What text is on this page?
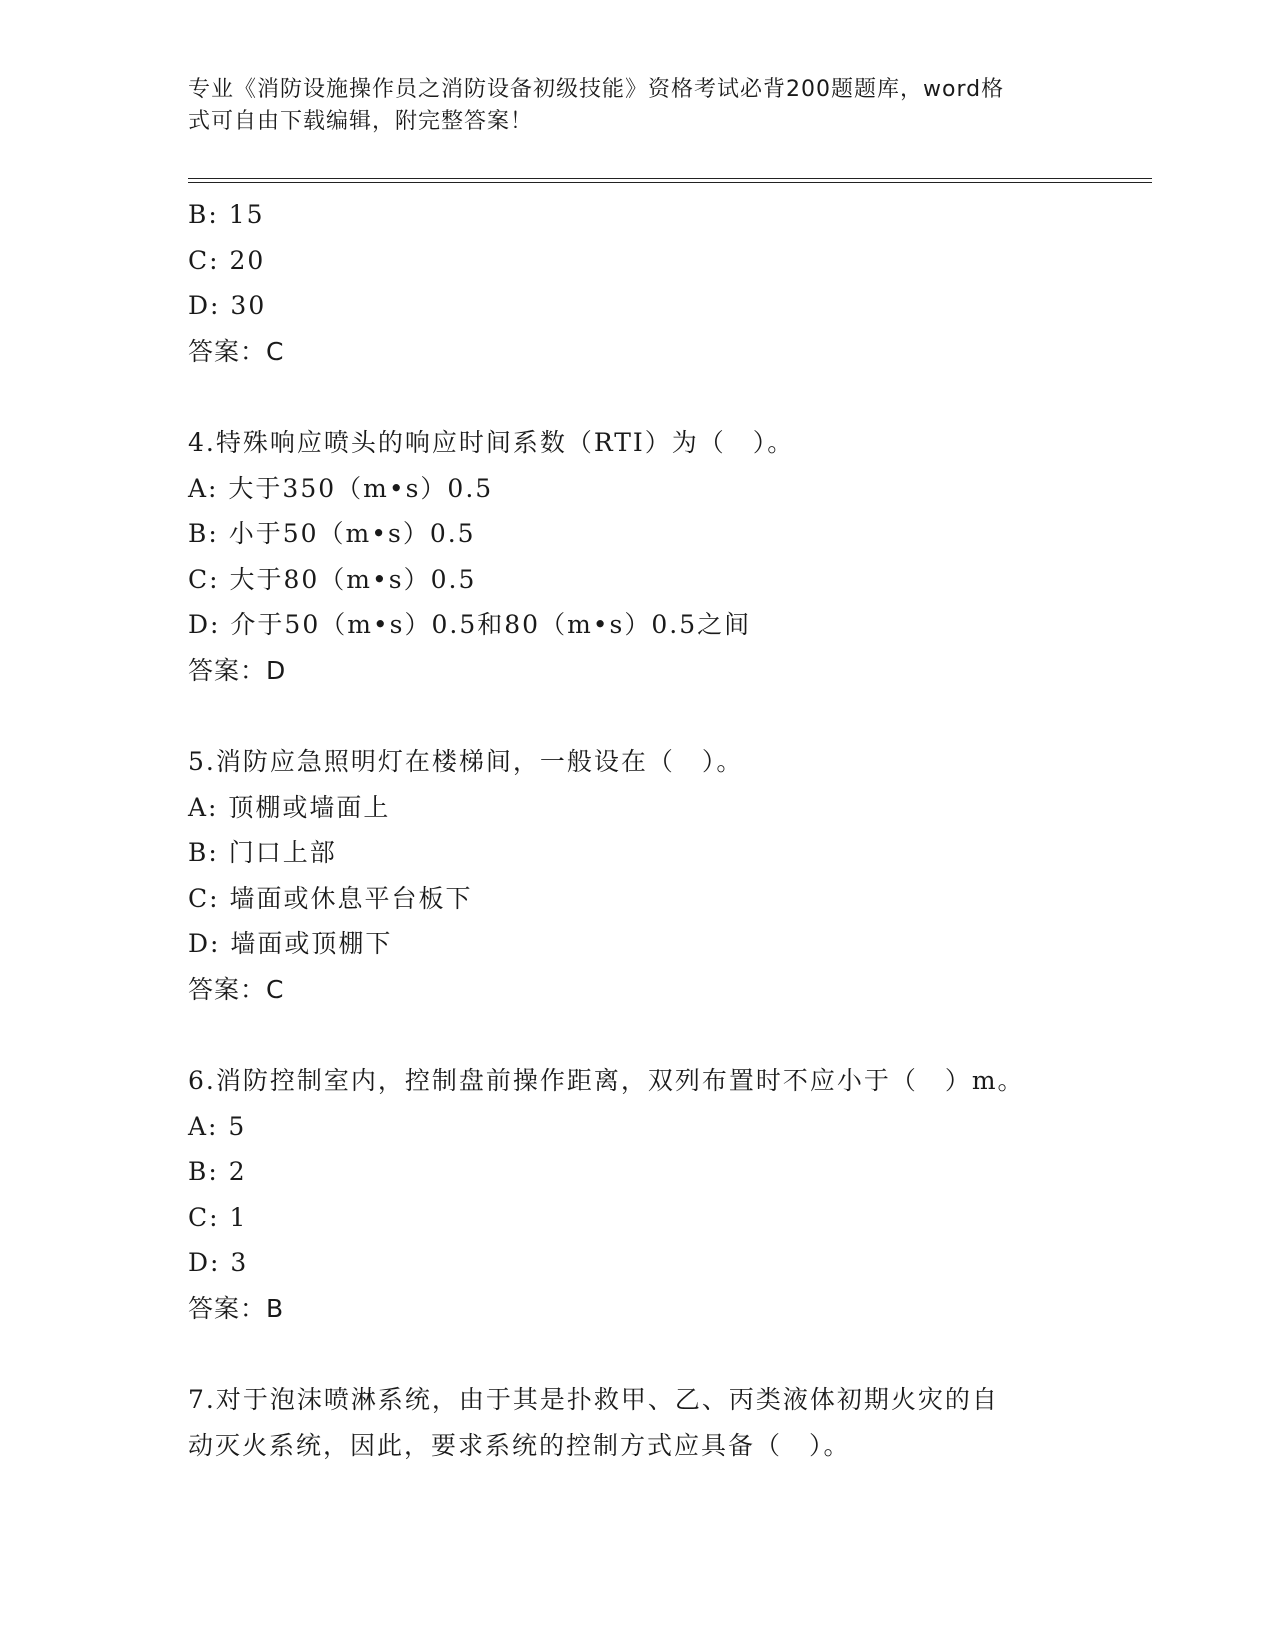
专业《消防设施操作员之消防设备初级技能》资格考试必背200题题库，word格
式可自由下载编辑，附完整答案！
B: 15
C: 20
D: 30
答案：C
4.特殊响应喷头的响应时间系数（RTI）为（　）。
A: 大于350（m•s）0.5
B: 小于50（m•s）0.5
C: 大于80（m•s）0.5
D: 介于50（m•s）0.5和80（m•s）0.5之间
答案：D
5.消防应急照明灯在楼梯间，一般设在（　）。
A: 顶棚或墙面上
B: 门口上部
C: 墙面或休息平台板下
D: 墙面或顶棚下
答案：C
6.消防控制室内，控制盘前操作距离，双列布置时不应小于（　）m。
A: 5
B: 2
C: 1
D: 3
答案：B
7.对于泡沫喷淋系统，由于其是扑救甲、乙、丙类液体初期火灾的自
动灭火系统，因此，要求系统的控制方式应具备（　）。
